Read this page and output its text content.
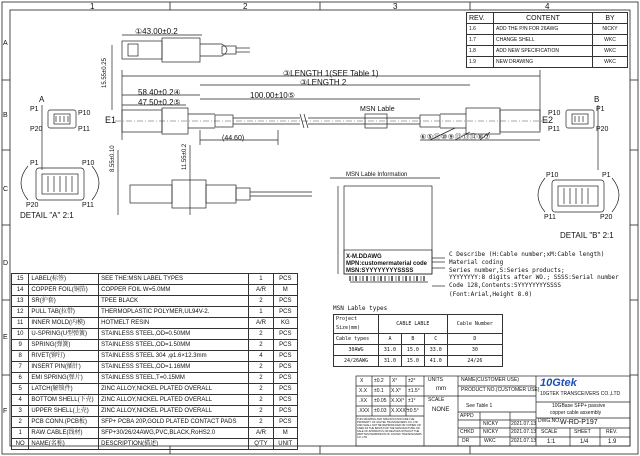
1	2	3	4
A
B
C
D
E
F
REV.	CONTENT	BY
1.6	ADD THE P/N FOR 26AWG	NICKY
1.7	CHANGE SHELL	WKC
1.8	ADD NEW SPECIFICATION	WKC
1.9	NEW DRAWING	WKC
①43.00±0.2
15.55±0.25	③LENGTH 1(SEE Table 1)
③LENGTH 2
58.40±0.2④	100.00±10⑤
47.50±0.2⑤
MSN Lable
(44.60)
8.55±0.10	11.55±0.2
E1	E2
⑥⑤⑪⑩⑨⑫⑬⑭⑧⑦
A
P1
P10
P20	P11
P1	P10
P20	P11
DETAIL "A" 2:1
B
P1
P10
P20
P11
P10	P1
P11	P20
DETAIL "B" 2:1
MSN Lable Information
X-M.DDAWG
MPN:customermaterial code
MSN:SYYYYYYYYSSSS
C Describe (H:Cable number;xM:Cable length)
Material coding
Series number,S:Series products;
YYYYYYYY:8 digits after WO.; SSSS:Serial number
Code 128,Contents:SYYYYYYYYSSSS
(Font:Arial,Height 8.0)
MSN Lable types
Project
Size(mm)	CABLE LABLE			Cable Number
Cable types	A	B	C	D
30AWG	31.0	15.0	33.0	30
24/26AWG	31.0	15.0	41.0	24/26
15	LABEL(标签)	SEE THE:MSN LABEL TYPES	1	PCS
14	COPPER FOIL(铜箔)	COPPER FOIL W=5.0MM	A/R	M
13	SR(护套)	TPEE BLACK	2	PCS
12	PULL TAB(拉带)	THERMOPLASTIC POLYMER,UL94V-2.	1	PCS
11	INNER MOLD(内模)	HOTMELT RESIN	A/R	KG
10	U-SPRING(U型弹簧)	STAINLESS STEEL,OD=0.50MM	2	PCS
9	SPRING(弹簧)	STAINLESS STEEL,OD=1.50MM	2	PCS
8	RIVET(铆钉)	STAINLESS STEEL 304 ,φ1.6×12.3mm	4	PCS
7	INSERT PIN(插针)	STAINLESS STEEL,OD=1.16MM	2	PCS
6	EMI SPRING(弹片)	STAINLESS STEEL,T=0.15MM	2	PCS
5	LATCH(解锁件)	ZINC ALLOY,NICKEL PLATED OVERALL	2	PCS
4	BOTTOM SHELL(下壳)	ZINC ALLOY,NICKEL PLATED OVERALL	2	PCS
3	UPPER SHELL(上壳)	ZINC ALLOY,NICKEL PLATED OVERALL	2	PCS
2	PCB CONN.(PCB板)	SFP+ PCBA 20P,GOLD PLATED CONTACT PADS	2	PCS
1	RAW CABLE(线材)	SFP+30/26/24AWG,PVC,BLACK,RoHS2.0	A/R	M
NO	NAME(名称)	DESCRIPTION(描述)	Q'TY	UNIT
X ±0.2 X° ±2°
X.X ±0.1 X.X° ±1.5°
.XX ±0.05 X.XX° ±1°
.XXX ±0.03 X.XXX° ±0.5°
UNITS
mm
SCALE
NONE
THIS DRAWING AND SPECIFICATION ARE THE PROPERTY OF 10GTEK TRANSCEIVERS CO.,LTD AND SHALL NOT BE REPRODUCED OR COPIED OR USED AS THE BASIS FOR THE MANUFACTURE OR SALE OF APPARATUS OR DEVICES WITHOUT THE WRITTEN PERMISSION OF 10GTEK TRANSCEIVERS CO.,LTD
NAME(CUSTOMER USE)
PRODUCT NO.(CUSTOMER USE)
See Table 1
APPD
CHKD
NICKY	2021.07.13
NICKY	2021.07.13
DR	WKC	2021.07.13
10Gtek
10GTEK TRANSCEIVERS CO.,LTD
10GBase SFP+ passive
copper cable assembly
DWG.NO. W-RD-P197
SCALE	SHEET	REV.
1:1	1/4	1.9
